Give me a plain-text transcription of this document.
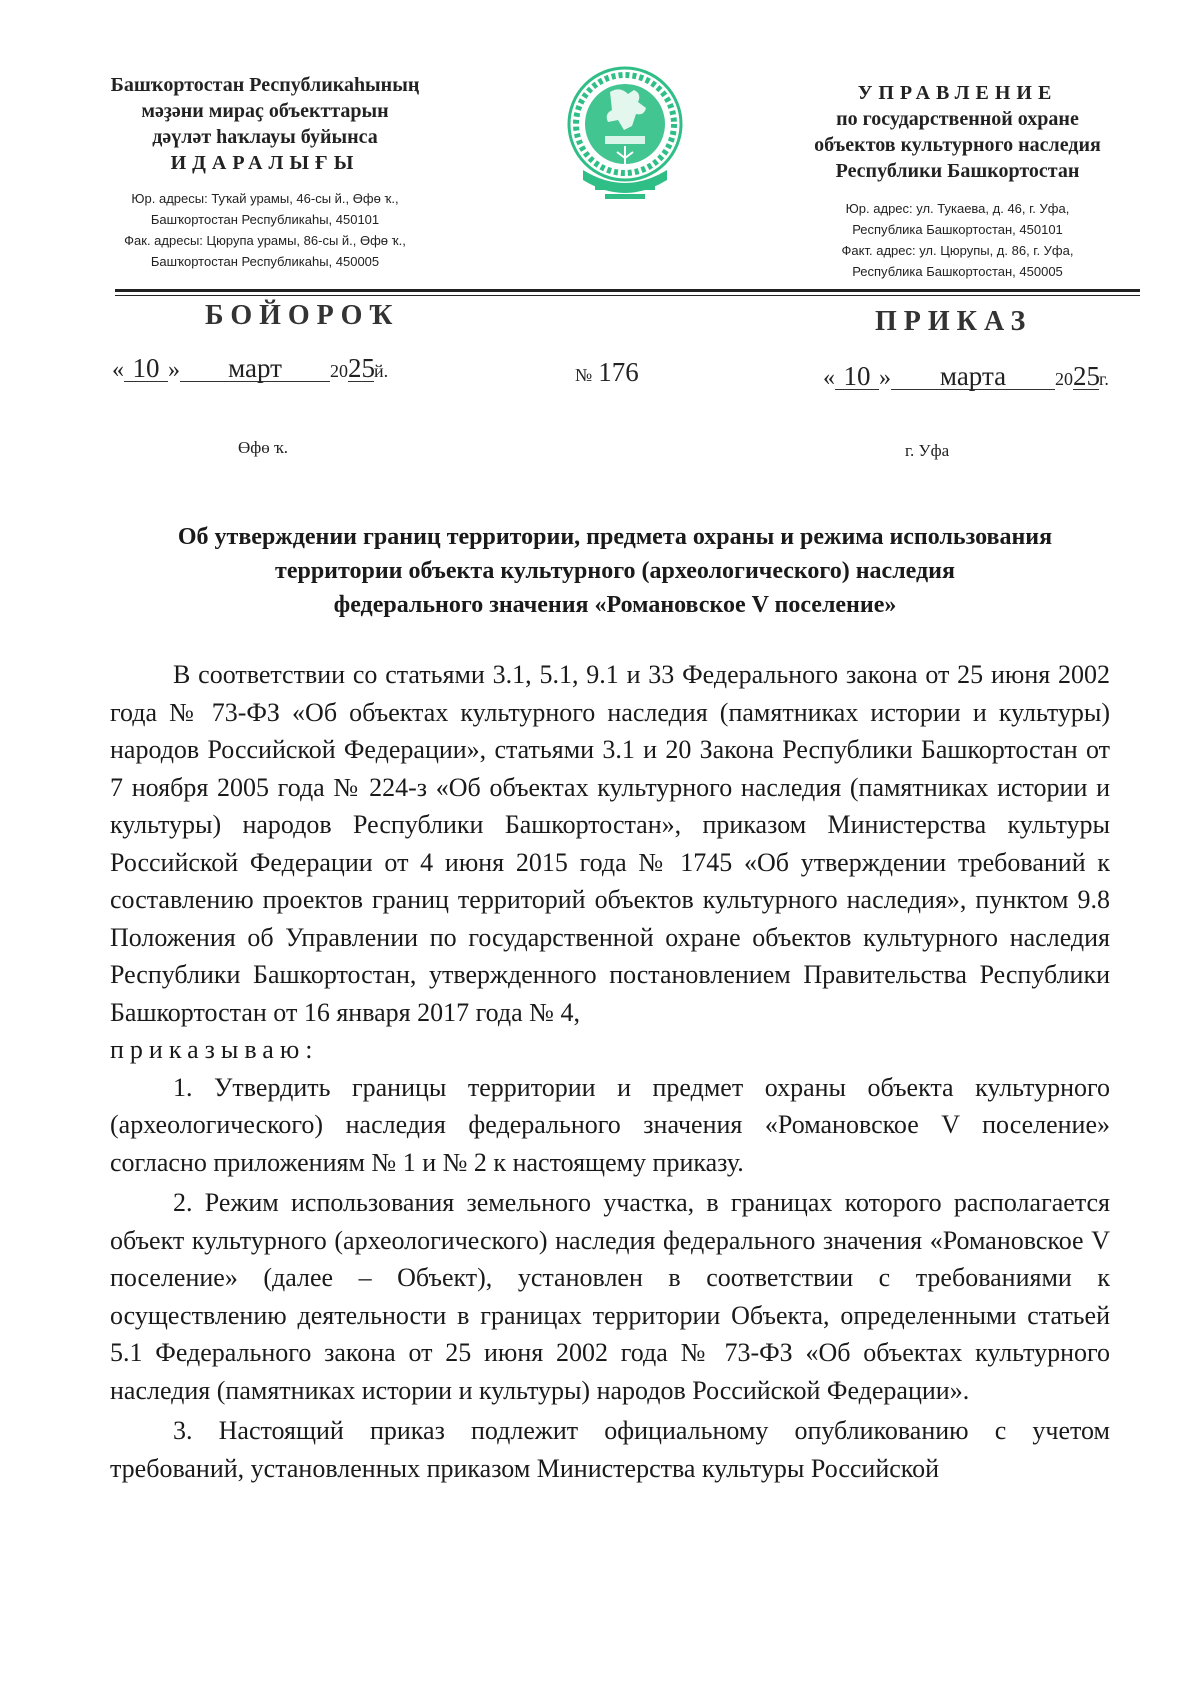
Башҡортостан Республикаһының
мәҙәни мираҫ объекттарын
дәүләт һаҡлауы буйынса
ИДАРАЛЫҒЫ
Юр. адресы: Туҡай урамы, 46-сы й., Өфө ҡ.,
Башҡортостан Республикаһы, 450101
Фак. адресы: Цюрупа урамы, 86-сы й., Өфө ҡ.,
Башҡортостан Республикаһы, 450005
УПРАВЛЕНИЕ
по государственной охране
объектов культурного наследия
Республики Башкортостан
Юр. адрес: ул. Тукаева, д. 46, г. Уфа,
Республика Башкортостан, 450101
Факт. адрес: ул. Цюрупы, д. 86, г. Уфа,
Республика Башкортостан, 450005
БОЙОРОҠ	ПРИКАЗ
« 10 » март	2025й.	№ 176	« 10 » марта	2025г.
Өфө ҡ.	г. Уфа
Об утверждении границ территории, предмета охраны и режима использования
территории объекта культурного (археологического) наследия
федерального значения «Романовское V поселение»

В соответствии со статьями 3.1, 5.1, 9.1 и 33 Федерального закона от 25 июня 2002 года № 73-ФЗ «Об объектах культурного наследия (памятниках истории и культуры) народов Российской Федерации», статьями 3.1 и 20 Закона Республики Башкортостан от 7 ноября 2005 года № 224-з «Об объектах культурного наследия (памятниках истории и культуры) народов Республики Башкортостан», приказом Министерства культуры Российской Федерации от 4 июня 2015 года № 1745 «Об утверждении требований к составлению проектов границ территорий объектов культурного наследия», пунктом 9.8 Положения об Управлении по государственной охране объектов культурного наследия Республики Башкортостан, утвержденного постановлением Правительства Республики Башкортостан от 16 января 2017 года № 4,

приказываю:

1. Утвердить границы территории и предмет охраны объекта культурного (археологического) наследия федерального значения «Романовское V поселение» согласно приложениям № 1 и № 2 к настоящему приказу.

2. Режим использования земельного участка, в границах которого располагается объект культурного (археологического) наследия федерального значения «Романовское V поселение» (далее – Объект), установлен в соответствии с требованиями к осуществлению деятельности в границах территории Объекта, определенными статьей 5.1 Федерального закона от 25 июня 2002 года № 73-ФЗ «Об объектах культурного наследия (памятниках истории и культуры) народов Российской Федерации».

3. Настоящий приказ подлежит официальному опубликованию с учетом требований, установленных приказом Министерства культуры Российской
